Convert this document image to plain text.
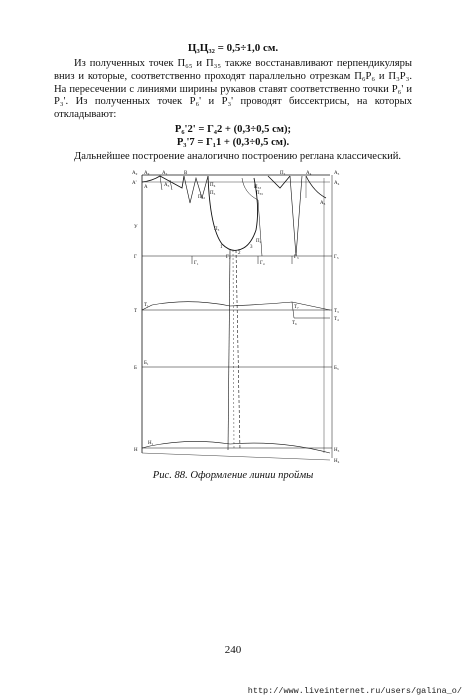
Ц₃Ц₃₂ = 0,5÷1,0 см.
Из полученных точек П₆₅ и П₃₅ также восстанавливают перпендикуляры вниз и которые, соответственно проходят параллельно отрезкам П₆Р₆ и П₃Р₃. На пересечении с линиями ширины рукавов ставят соответственно точки Р₆' и Р₃'. Из полученных точек Р₆' и Р₃' проводят биссектрисы, на которых откладывают:
Р₆'2' = Г₄2 + (0,3÷0,5 см);
Р₃'7 = Г₁1 + (0,3÷0,5 см).
Дальнейшее построение аналогично построению реглана классический.
А₀ А₀
А'
А
А₂
А₃
В
П₆
П₅
П₃₂
П₃
П₃₃
П₃₅
П₄
П₂	А₄	А₅
А₄
А₃
У
1
2
3
Г
Г₁
Г₂
Г₄
Г₃	Г₅
Т
Т₁	Т₇
Т₆
Т₃
Т₄
Б
Б₁
Б₃
Н
Н₁
Н₃
Н₄
Рис. 88. Оформление линии проймы
240
http://www.liveinternet.ru/users/galina_o/
